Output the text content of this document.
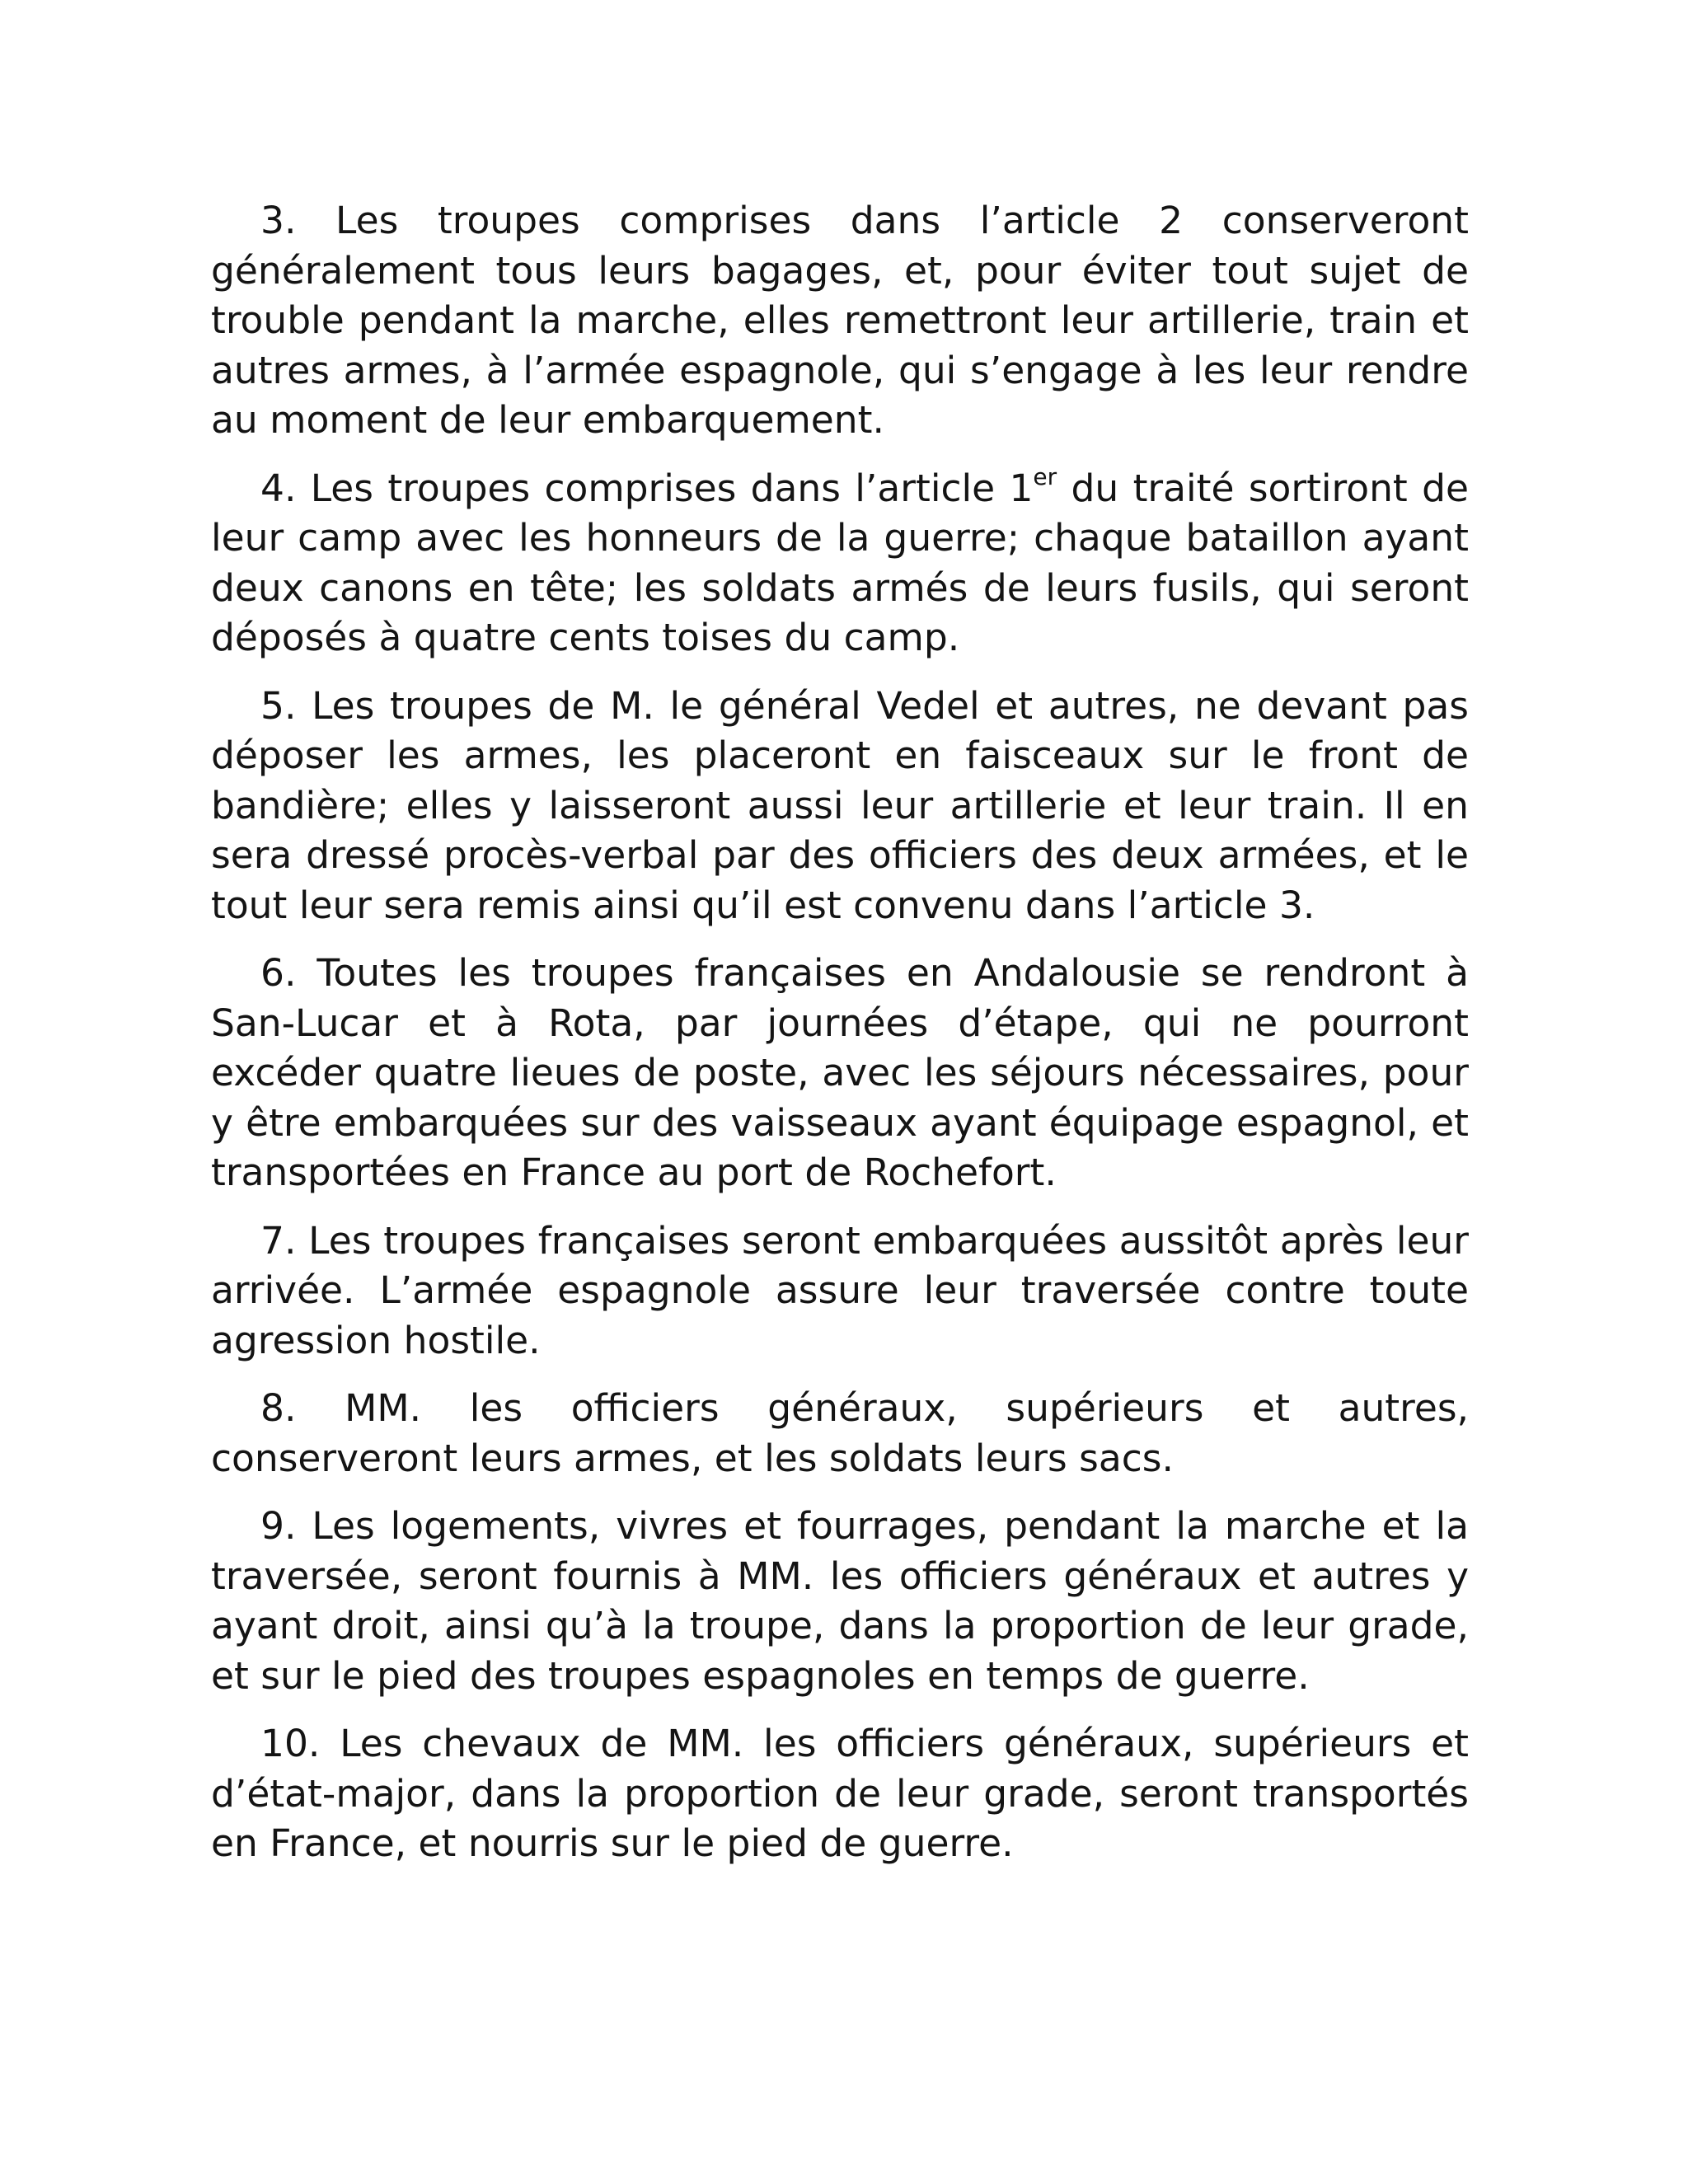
3. Les troupes comprises dans l’article 2 conserveront généralement tous leurs bagages, et, pour éviter tout sujet de trouble pendant la marche, elles remettront leur artillerie, train et autres armes, à l’armée espagnole, qui s’engage à les leur rendre au moment de leur embarquement.

4. Les troupes comprises dans l’article 1er du traité sortiront de leur camp avec les honneurs de la guerre; chaque bataillon ayant deux canons en tête; les soldats armés de leurs fusils, qui seront déposés à quatre cents toises du camp.

5. Les troupes de M. le général Vedel et autres, ne devant pas déposer les armes, les placeront en faisceaux sur le front de bandière; elles y laisseront aussi leur artillerie et leur train. Il en sera dressé procès-verbal par des officiers des deux armées, et le tout leur sera remis ainsi qu’il est convenu dans l’article 3.

6. Toutes les troupes françaises en Andalousie se rendront à San-Lucar et à Rota, par journées d’étape, qui ne pourront excéder quatre lieues de poste, avec les séjours nécessaires, pour y être embarquées sur des vaisseaux ayant équipage espagnol, et transportées en France au port de Rochefort.

7. Les troupes françaises seront embarquées aussitôt après leur arrivée. L’armée espagnole assure leur traversée contre toute agression hostile.

8. MM. les officiers généraux, supérieurs et autres, conserveront leurs armes, et les soldats leurs sacs.

9. Les logements, vivres et fourrages, pendant la marche et la traversée, seront fournis à MM. les officiers généraux et autres y ayant droit, ainsi qu’à la troupe, dans la proportion de leur grade, et sur le pied des troupes espagnoles en temps de guerre.

10. Les chevaux de MM. les officiers généraux, supérieurs et d’état-major, dans la proportion de leur grade, seront transportés en France, et nourris sur le pied de guerre.
